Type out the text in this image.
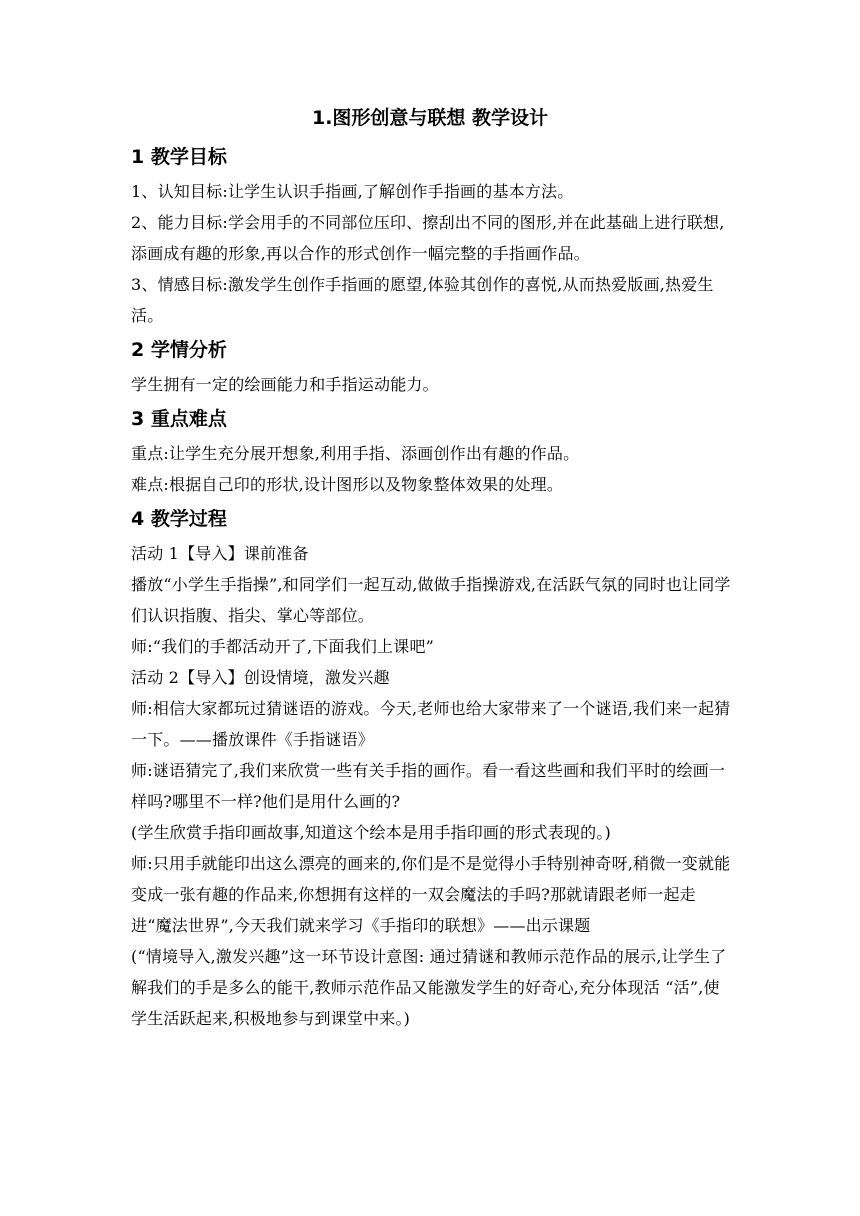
1.图形创意与联想 教学设计
1 教学目标

1、认知目标:让学生认识手指画,了解创作手指画的基本方法。

2、能力目标:学会用手的不同部位压印、擦刮出不同的图形,并在此基础上进行联想,添画成有趣的形象,再以合作的形式创作一幅完整的手指画作品。

3、情感目标:激发学生创作手指画的愿望,体验其创作的喜悦,从而热爱版画,热爱生活。

2 学情分析

学生拥有一定的绘画能力和手指运动能力。

3 重点难点

重点:让学生充分展开想象,利用手指、添画创作出有趣的作品。

难点:根据自己印的形状,设计图形以及物象整体效果的处理。

4 教学过程

活动 1【导入】课前准备

播放“小学生手指操”,和同学们一起互动,做做手指操游戏,在活跃气氛的同时也让同学们认识指腹、指尖、掌心等部位。

师:“我们的手都活动开了,下面我们上课吧”

活动 2【导入】创设情境，激发兴趣

师:相信大家都玩过猜谜语的游戏。今天,老师也给大家带来了一个谜语,我们来一起猜一下。——播放课件《手指谜语》

师:谜语猜完了,我们来欣赏一些有关手指的画作。看一看这些画和我们平时的绘画一样吗?哪里不一样?他们是用什么画的?

(学生欣赏手指印画故事,知道这个绘本是用手指印画的形式表现的。)

师:只用手就能印出这么漂亮的画来的,你们是不是觉得小手特别神奇呀,稍微一变就能变成一张有趣的作品来,你想拥有这样的一双会魔法的手吗?那就请跟老师一起走进“魔法世界”,今天我们就来学习《手指印的联想》——出示课题

(“情境导入,激发兴趣”这一环节设计意图: 通过猜谜和教师示范作品的展示,让学生了解我们的手是多么的能干,教师示范作品又能激发学生的好奇心,充分体现活 “活”,使学生活跃起来,积极地参与到课堂中来。)
